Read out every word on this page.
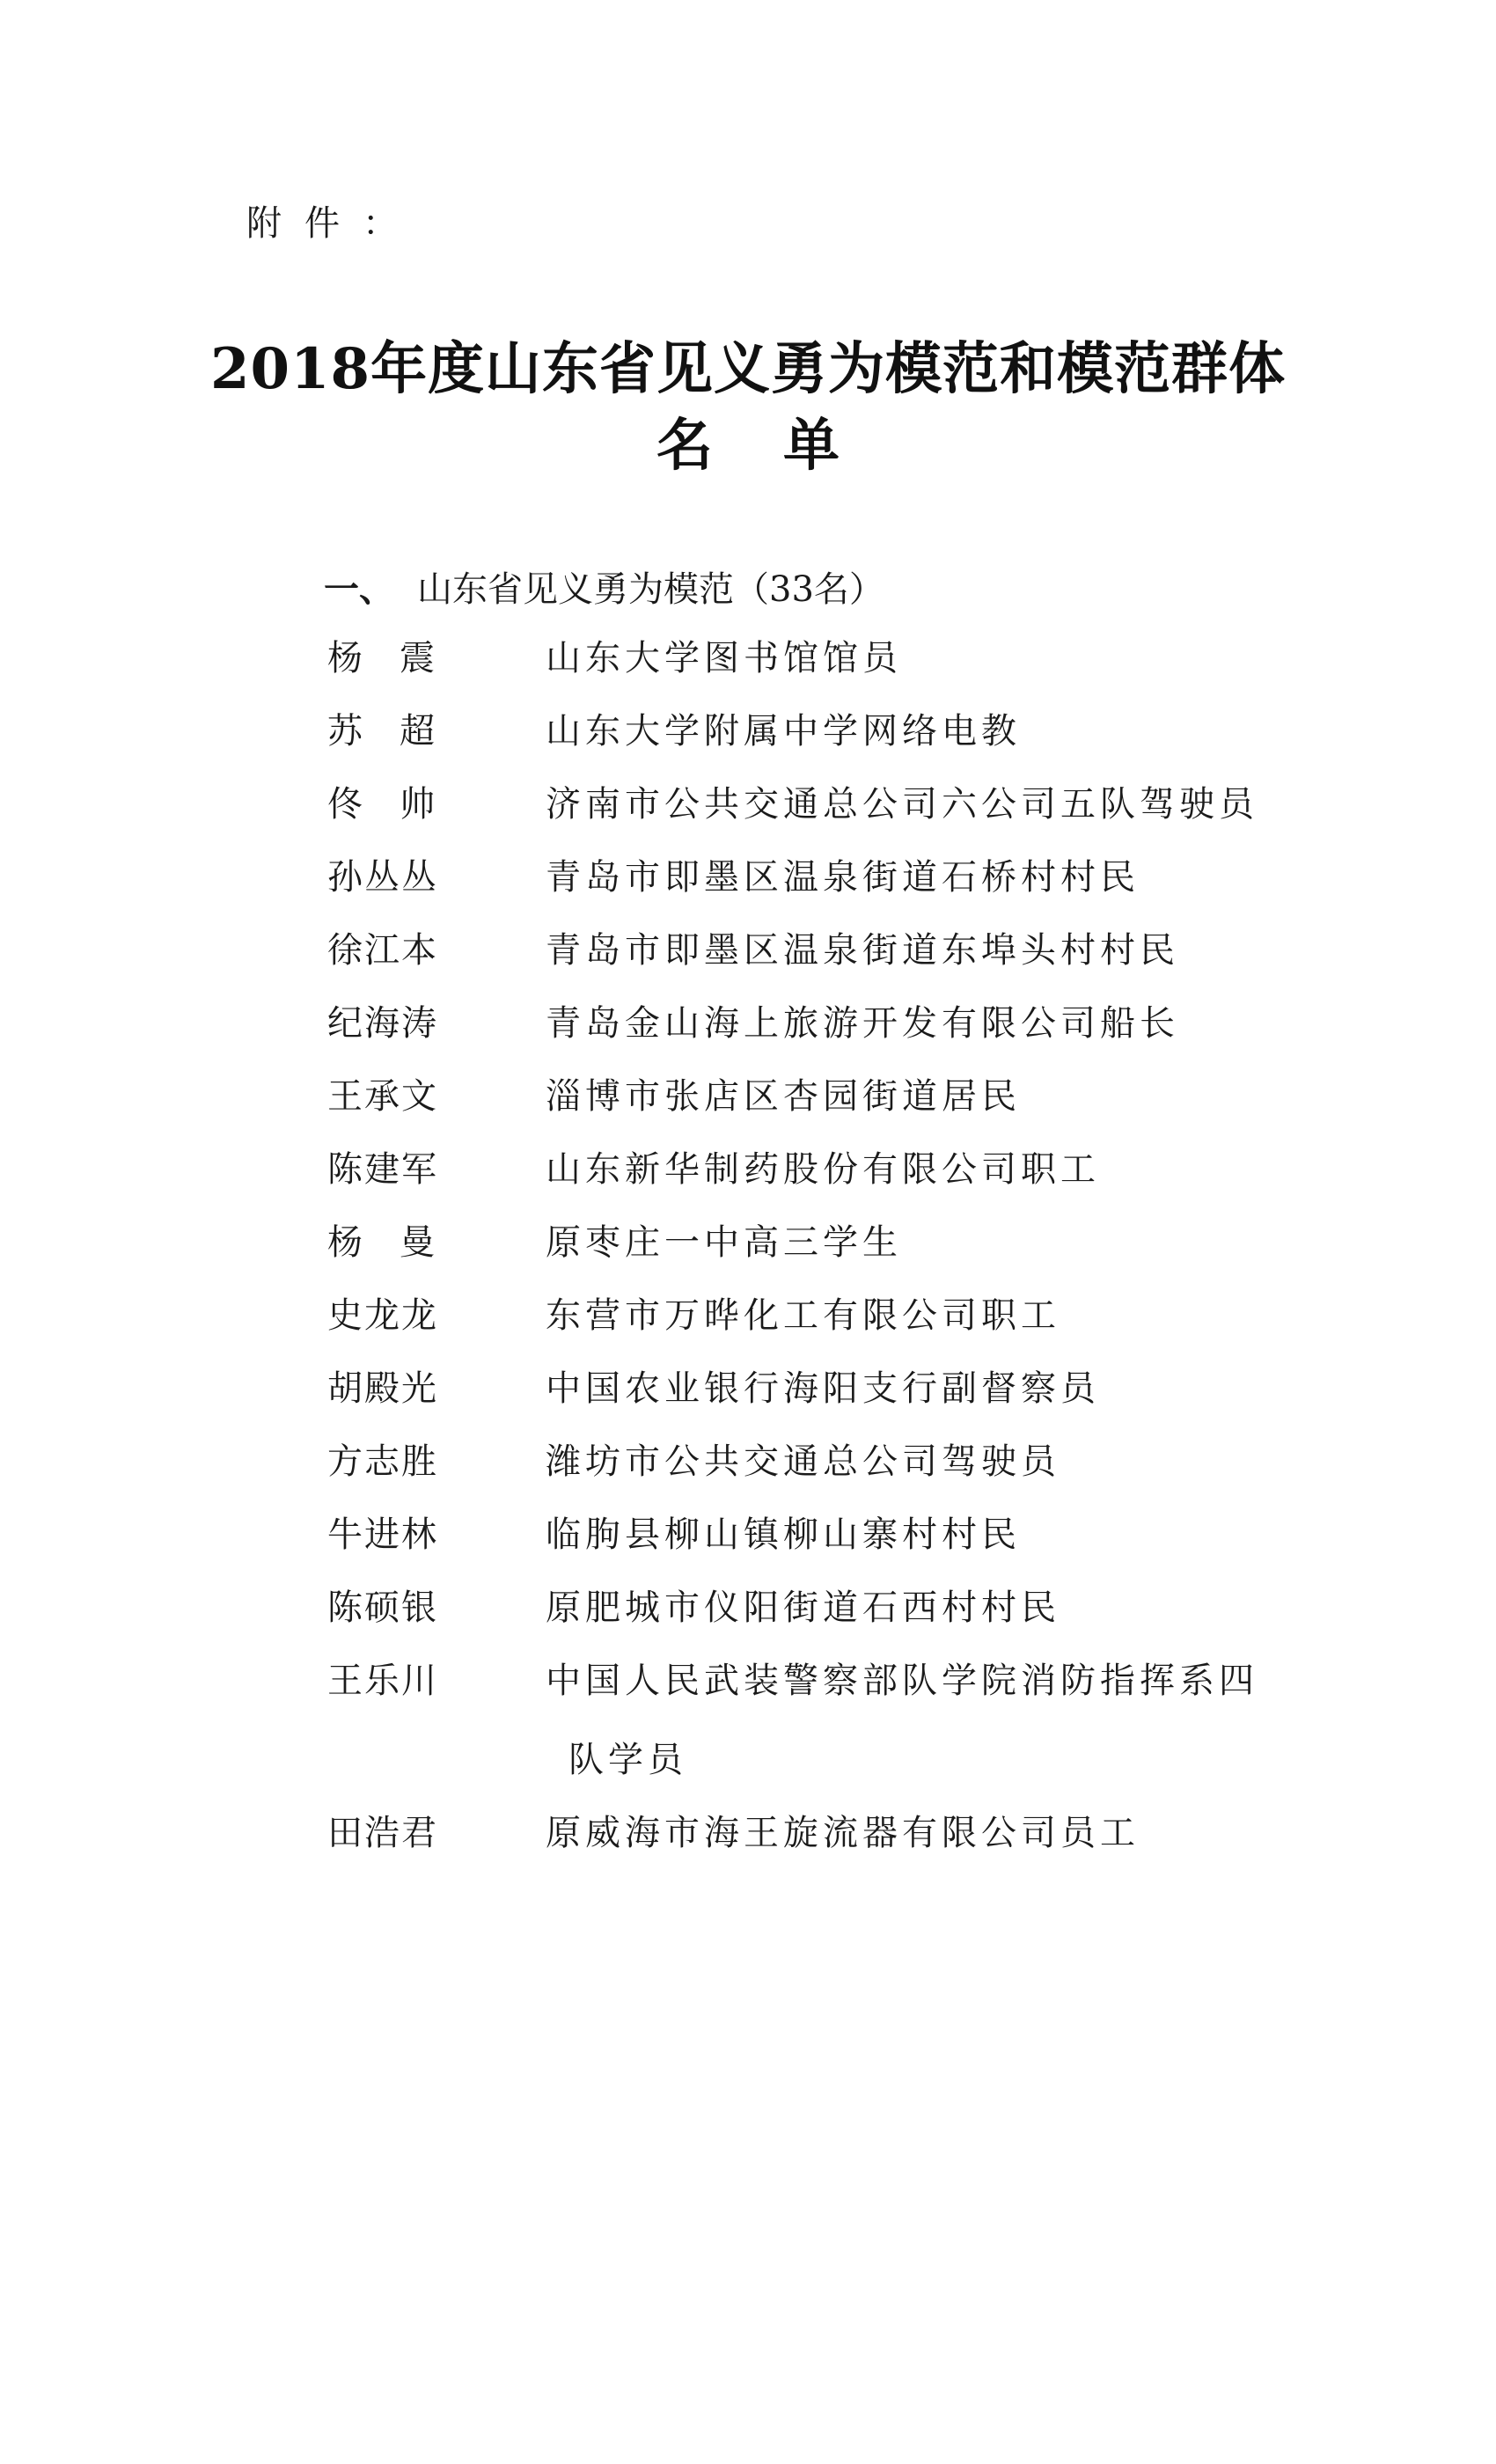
附件：
2018年度山东省见义勇为模范和模范群体
名单
一、 山东省见义勇为模范（33名）
杨震	山东大学图书馆馆员
苏超	山东大学附属中学网络电教
佟帅	济南市公共交通总公司六公司五队驾驶员
孙丛丛	青岛市即墨区温泉街道石桥村村民
徐江本	青岛市即墨区温泉街道东埠头村村民
纪海涛	青岛金山海上旅游开发有限公司船长
王承文	淄博市张店区杏园街道居民
陈建军	山东新华制药股份有限公司职工
杨曼	原枣庄一中高三学生
史龙龙	东营市万晔化工有限公司职工
胡殿光	中国农业银行海阳支行副督察员
方志胜	潍坊市公共交通总公司驾驶员
牛进林	临朐县柳山镇柳山寨村村民
陈硕银	原肥城市仪阳街道石西村村民
王乐川	中国人民武装警察部队学院消防指挥系四
队学员
田浩君	原威海市海王旋流器有限公司员工
